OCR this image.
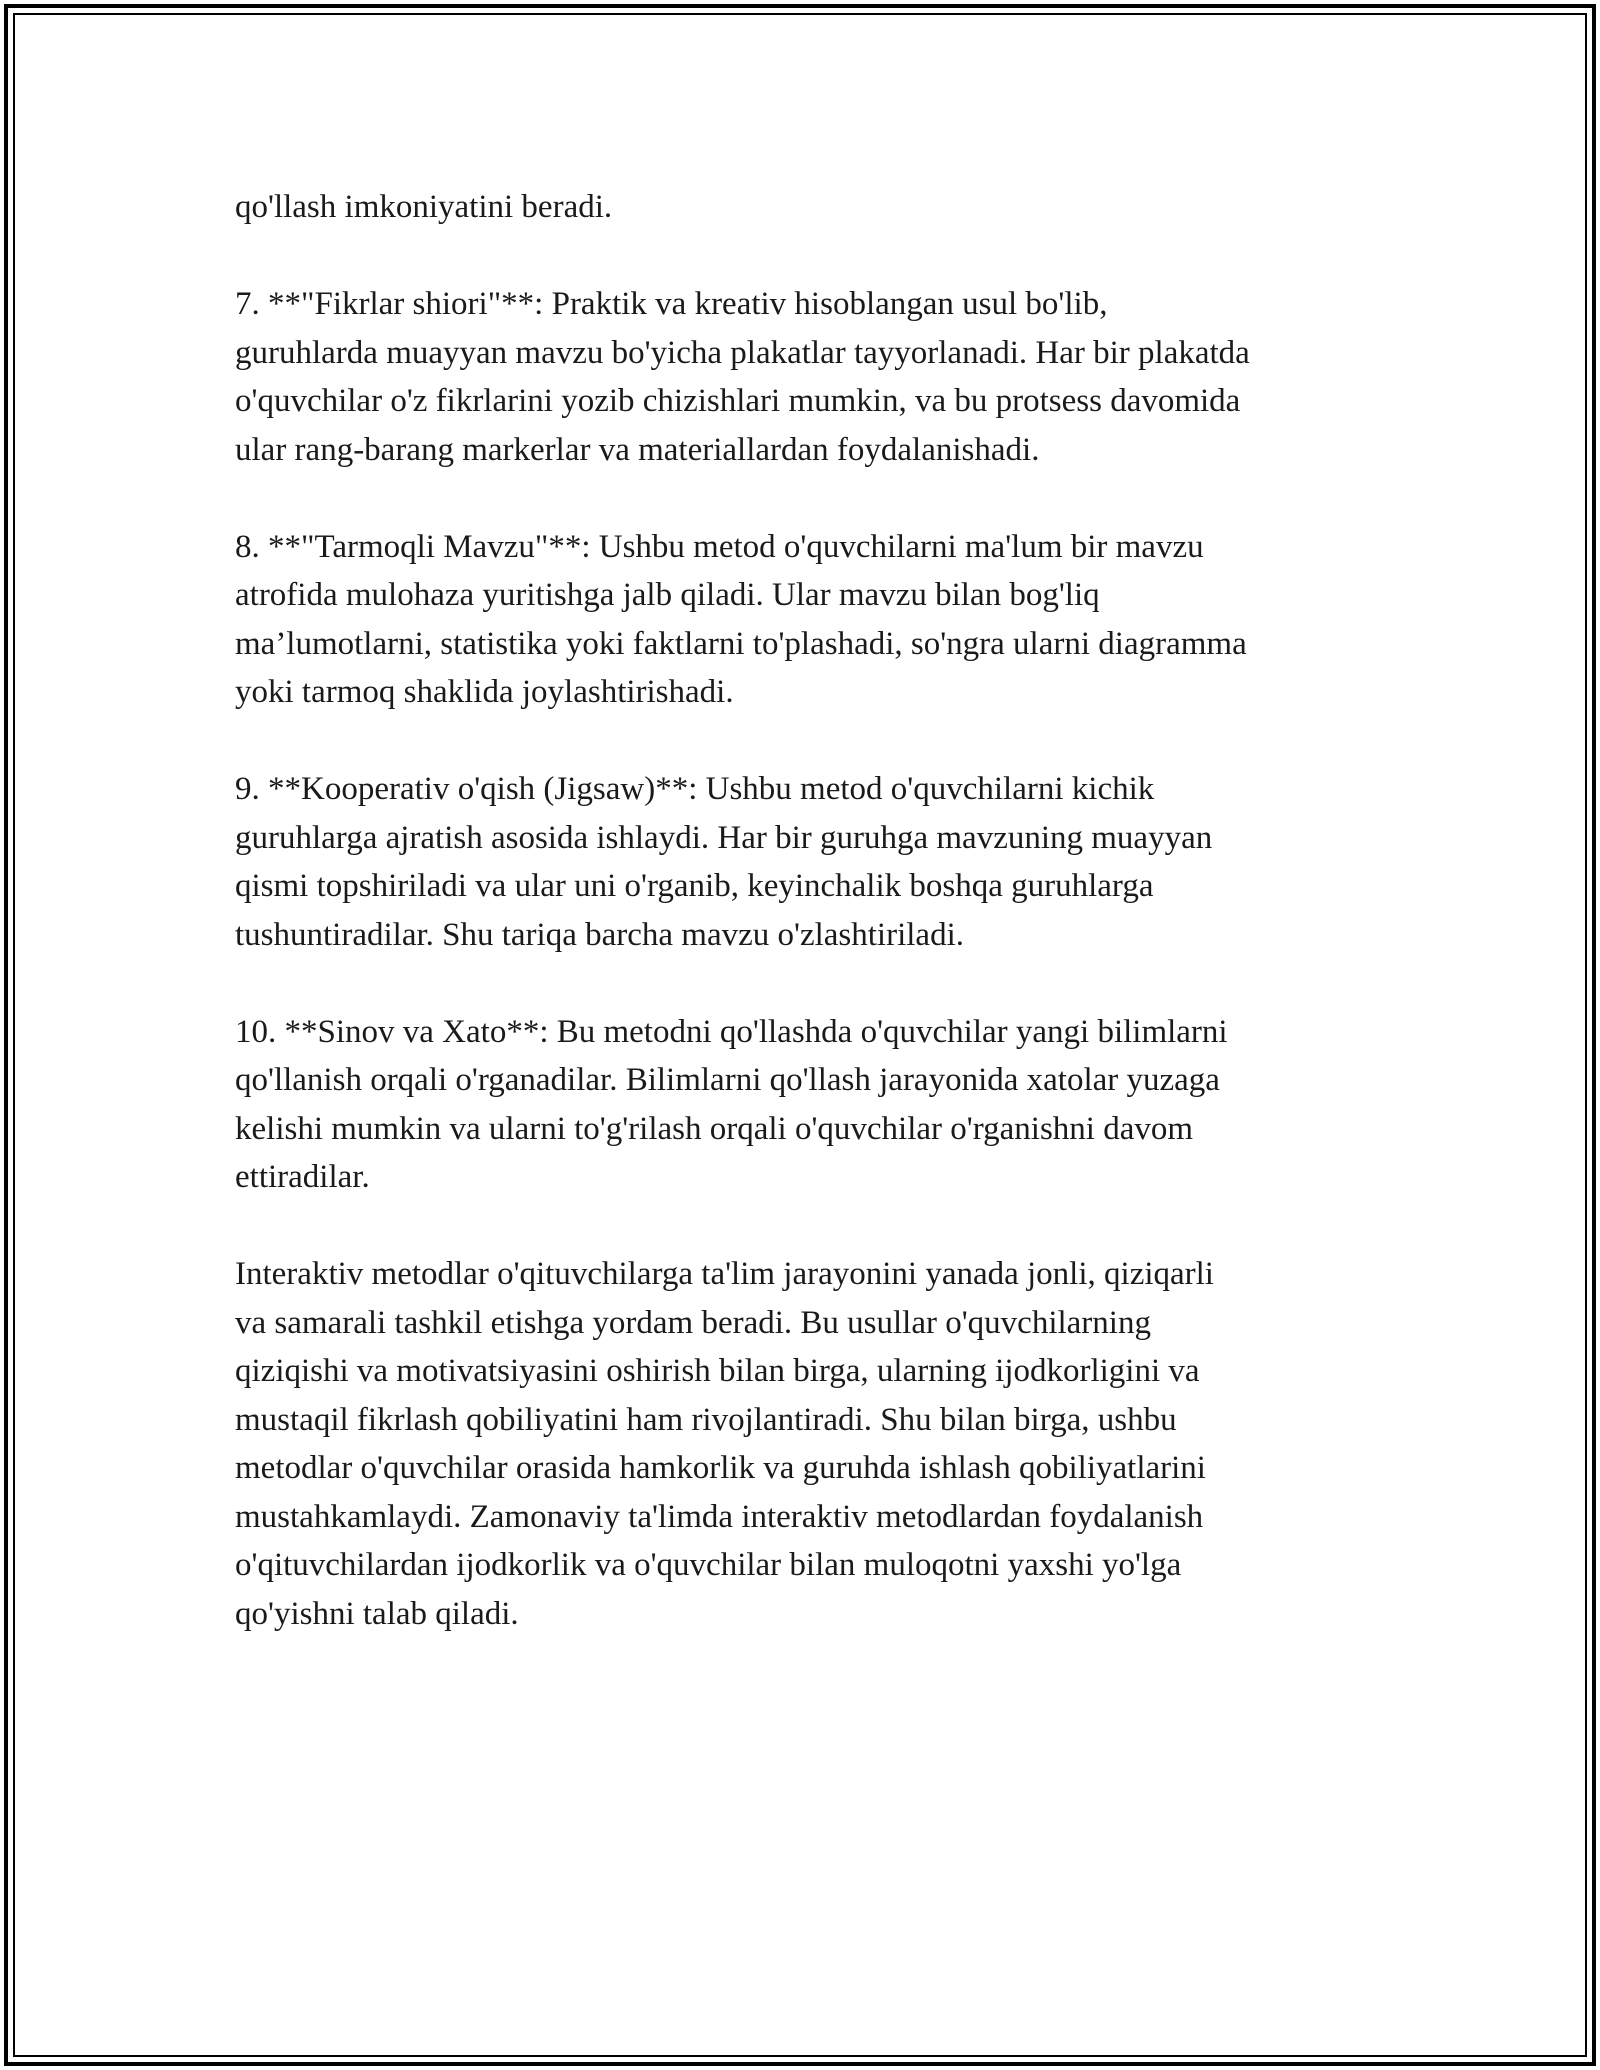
qo'llash imkoniyatini beradi.

7. **"Fikrlar shiori"**: Praktik va kreativ hisoblangan usul bo'lib,
guruhlarda muayyan mavzu bo'yicha plakatlar tayyorlanadi. Har bir plakatda
o'quvchilar o'z fikrlarini yozib chizishlari mumkin, va bu protsess davomida
ular rang-barang markerlar va materiallardan foydalanishadi.

8. **"Tarmoqli Mavzu"**: Ushbu metod o'quvchilarni ma'lum bir mavzu
atrofida mulohaza yuritishga jalb qiladi. Ular mavzu bilan bog'liq
ma’lumotlarni, statistika yoki faktlarni to'plashadi, so'ngra ularni diagramma
yoki tarmoq shaklida joylashtirishadi.

9. **Kooperativ o'qish (Jigsaw)**: Ushbu metod o'quvchilarni kichik
guruhlarga ajratish asosida ishlaydi. Har bir guruhga mavzuning muayyan
qismi topshiriladi va ular uni o'rganib, keyinchalik boshqa guruhlarga
tushuntiradilar. Shu tariqa barcha mavzu o'zlashtiriladi.

10. **Sinov va Xato**: Bu metodni qo'llashda o'quvchilar yangi bilimlarni
qo'llanish orqali o'rganadilar. Bilimlarni qo'llash jarayonida xatolar yuzaga
kelishi mumkin va ularni to'g'rilash orqali o'quvchilar o'rganishni davom
ettiradilar.

Interaktiv metodlar o'qituvchilarga ta'lim jarayonini yanada jonli, qiziqarli
va samarali tashkil etishga yordam beradi. Bu usullar o'quvchilarning
qiziqishi va motivatsiyasini oshirish bilan birga, ularning ijodkorligini va
mustaqil fikrlash qobiliyatini ham rivojlantiradi. Shu bilan birga, ushbu
metodlar o'quvchilar orasida hamkorlik va guruhda ishlash qobiliyatlarini
mustahkamlaydi. Zamonaviy ta'limda interaktiv metodlardan foydalanish
o'qituvchilardan ijodkorlik va o'quvchilar bilan muloqotni yaxshi yo'lga
qo'yishni talab qiladi.
